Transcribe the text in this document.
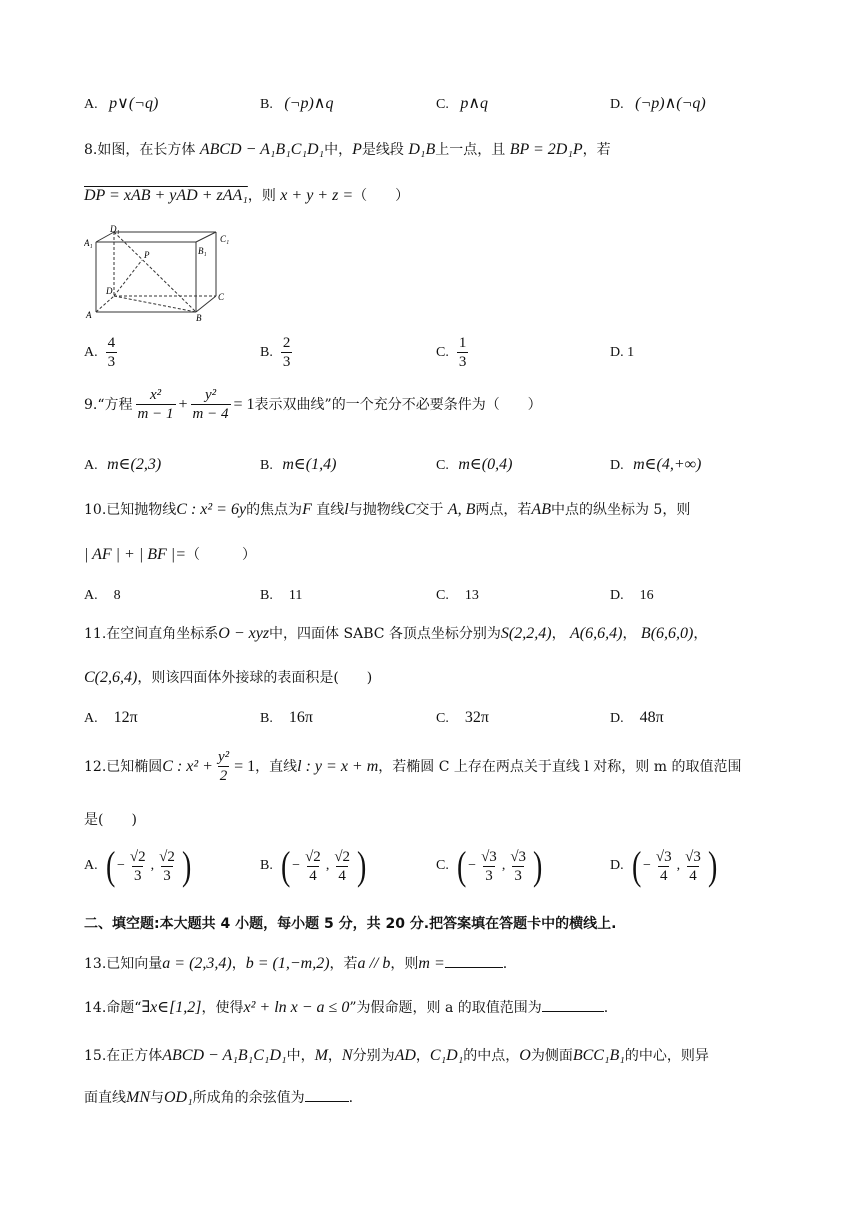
A. p∨(¬q)	B. (¬p)∧q	C. p∧q	D. (¬p)∧(¬q)
8.如图，在长方体 ABCD − A₁B₁C₁D₁中，P是线段 D₁B上一点，且 BP = 2D₁P，若
DP = xAB + yAD + zAA₁，则 x + y + z =（　　）
D₁
C₁
A₁
B₁
P
D
C
A	B
A. $\frac{4}{3}$	B. $\frac{2}{3}$	C. $\frac{1}{3}$	D. 1
9. “方程 $\frac{\text{x²}}{m - 1} + \frac{\text{y²}}{m - 4} = 1$ 表示双曲线”的一个充分不必要条件为（　　）
A. m∈(2,3)	B. m∈(1,4)	C. m∈(0,4)	D. m∈(4,+∞)
10.已知抛物线C : x² = 6y的焦点为F 直线l与抛物线C交于 A, B两点，若AB中点的纵坐标为 5，则
| AF | + | BF |=（　　　）
A. 8	B. 11	C. 13	D. 16
11.在空间直角坐标系O − xyz中，四面体 SABC 各顶点坐标分别为S(2,2,4)， A(6,6,4)， B(6,6,0)，
C(2,6,4)，则该四面体外接球的表面积是(　　)
A. 12π	B. 16π	C. 32π	D. 48π
12. 已知椭圆 C : $x^2 + \frac{\text{y²}}{2} = 1$ ，直线 l : y = x + m ，若椭圆 C 上存在两点关于直线 l 对称，则 m 的取值范围
是(　　)
A. ( − $\frac{√2}{3}$ , $\frac{√2}{3}$ )	B. ( − $\frac{√2}{4}$ , $\frac{√2}{4}$ )	C. ( − $\frac{√3}{3}$ , $\frac{√3}{3}$ )	D. ( − $\frac{√3}{4}$ , $\frac{√3}{4}$ )
二、填空题:本大题共 4 小题，每小题 5 分，共 20 分.把答案填在答题卡中的横线上.
13.已知向量a = (2,3,4)，b = (1,−m,2)，若a // b，则m =	.
14.命题“∃x∈[1,2]，使得x² + ln x − a ≤ 0”为假命题，则 a 的取值范围为	.
15.在正方体ABCD − A₁B₁C₁D₁中，M，N分别为AD，C₁D₁的中点，O为侧面BCC₁B₁的中心，则异
面直线MN与OD₁所成角的余弦值为	.
